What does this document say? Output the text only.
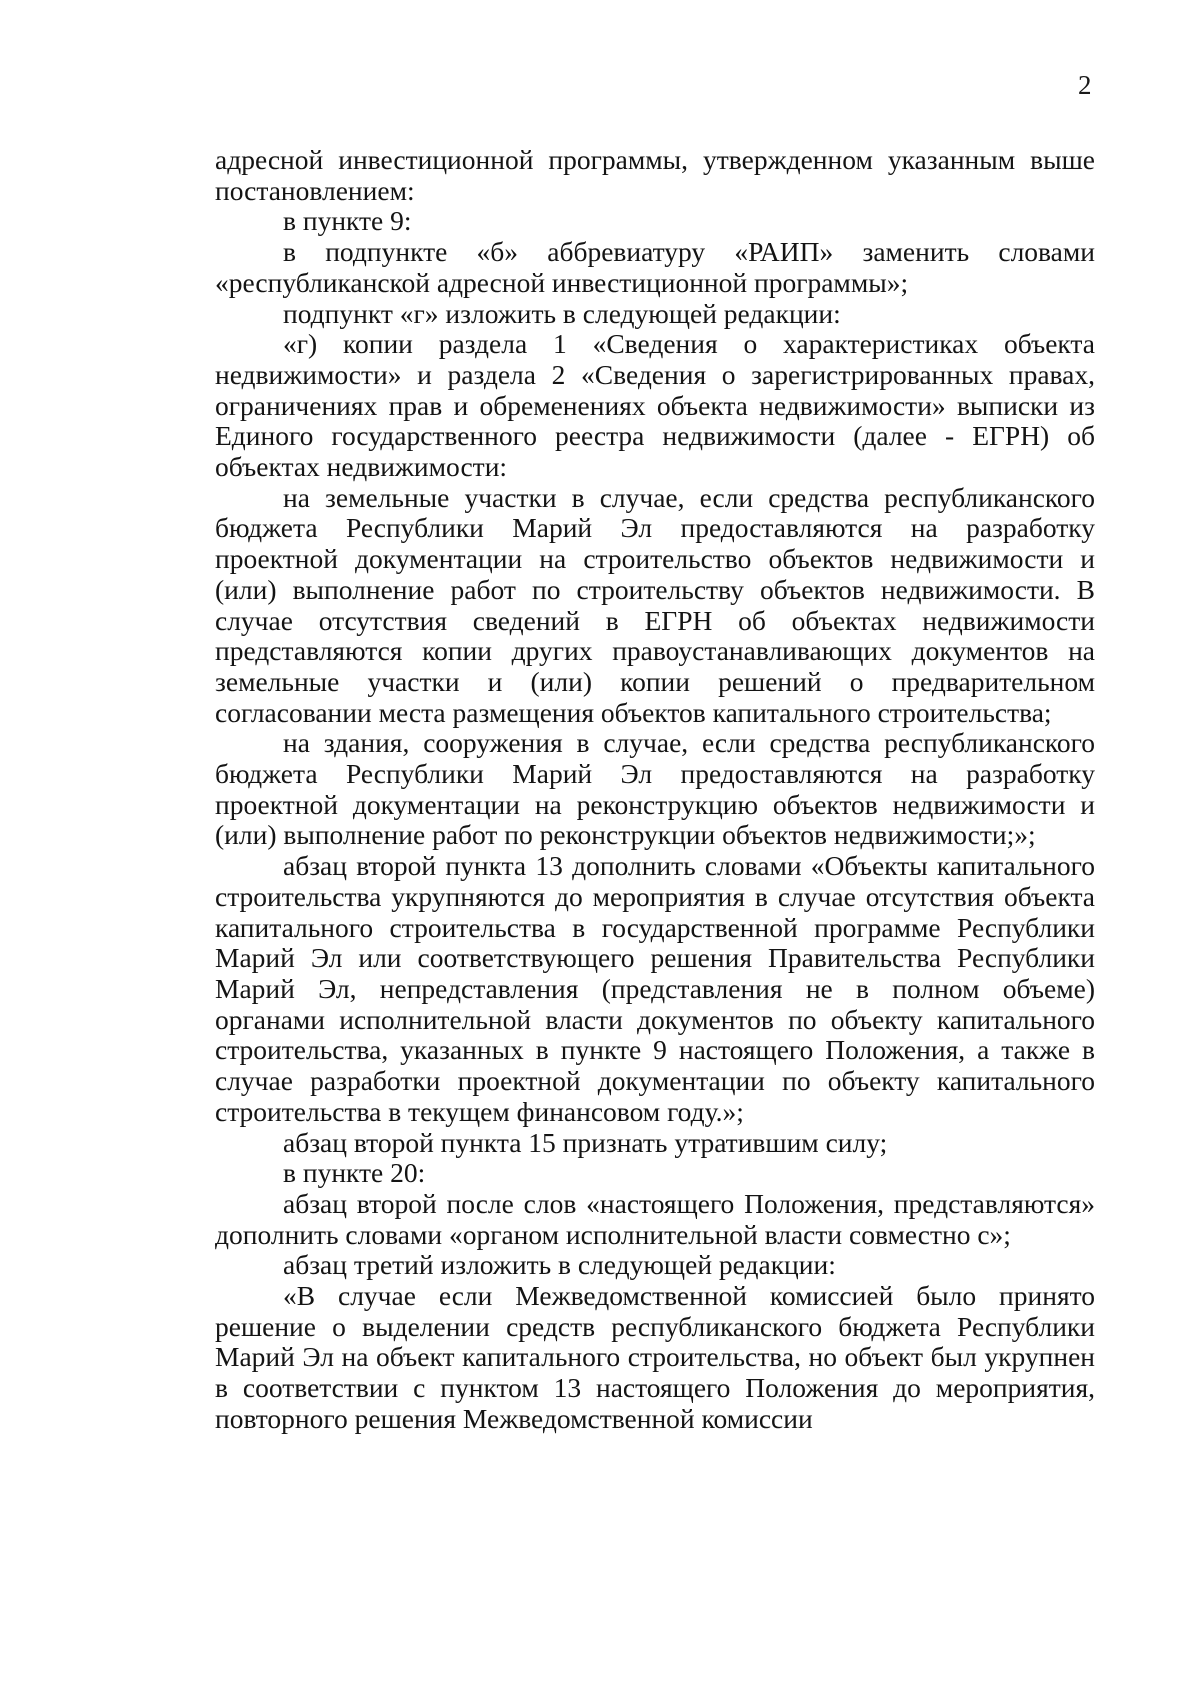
2

адресной инвестиционной программы, утвержденном указанным выше постановлением:

в пункте 9:

в подпункте «б» аббревиатуру «РАИП» заменить словами «республиканской адресной инвестиционной программы»;

подпункт «г» изложить в следующей редакции:

«г) копии раздела 1 «Сведения о характеристиках объекта недвижимости» и раздела 2 «Сведения о зарегистрированных правах, ограничениях прав и обременениях объекта недвижимости» выписки из Единого государственного реестра недвижимости (далее - ЕГРН) об объектах недвижимости:

на земельные участки в случае, если средства республиканского бюджета Республики Марий Эл предоставляются на разработку проектной документации на строительство объектов недвижимости и (или) выполнение работ по строительству объектов недвижимости. В случае отсутствия сведений в ЕГРН об объектах недвижимости представляются копии других правоустанавливающих документов на земельные участки и (или) копии решений о предварительном согласовании места размещения объектов капитального строительства;

на здания, сооружения в случае, если средства республиканского бюджета Республики Марий Эл предоставляются на разработку проектной документации на реконструкцию объектов недвижимости и (или) выполнение работ по реконструкции объектов недвижимости;»;

абзац второй пункта 13 дополнить словами «Объекты капитального строительства укрупняются до мероприятия в случае отсутствия объекта капитального строительства в государственной программе Республики Марий Эл или соответствующего решения Правительства Республики Марий Эл, непредставления (представления не в полном объеме) органами исполнительной власти документов по объекту капитального строительства, указанных в пункте 9 настоящего Положения, а также в случае разработки проектной документации по объекту капитального строительства в текущем финансовом году.»;

абзац второй пункта 15 признать утратившим силу;

в пункте 20:

абзац второй после слов «настоящего Положения, представляются» дополнить словами «органом исполнительной власти совместно с»;

абзац третий изложить в следующей редакции:

«В случае если Межведомственной комиссией было принято решение о выделении средств республиканского бюджета Республики Марий Эл на объект капитального строительства, но объект был укрупнен в соответствии с пунктом 13 настоящего Положения до мероприятия, повторного решения Межведомственной комиссии
